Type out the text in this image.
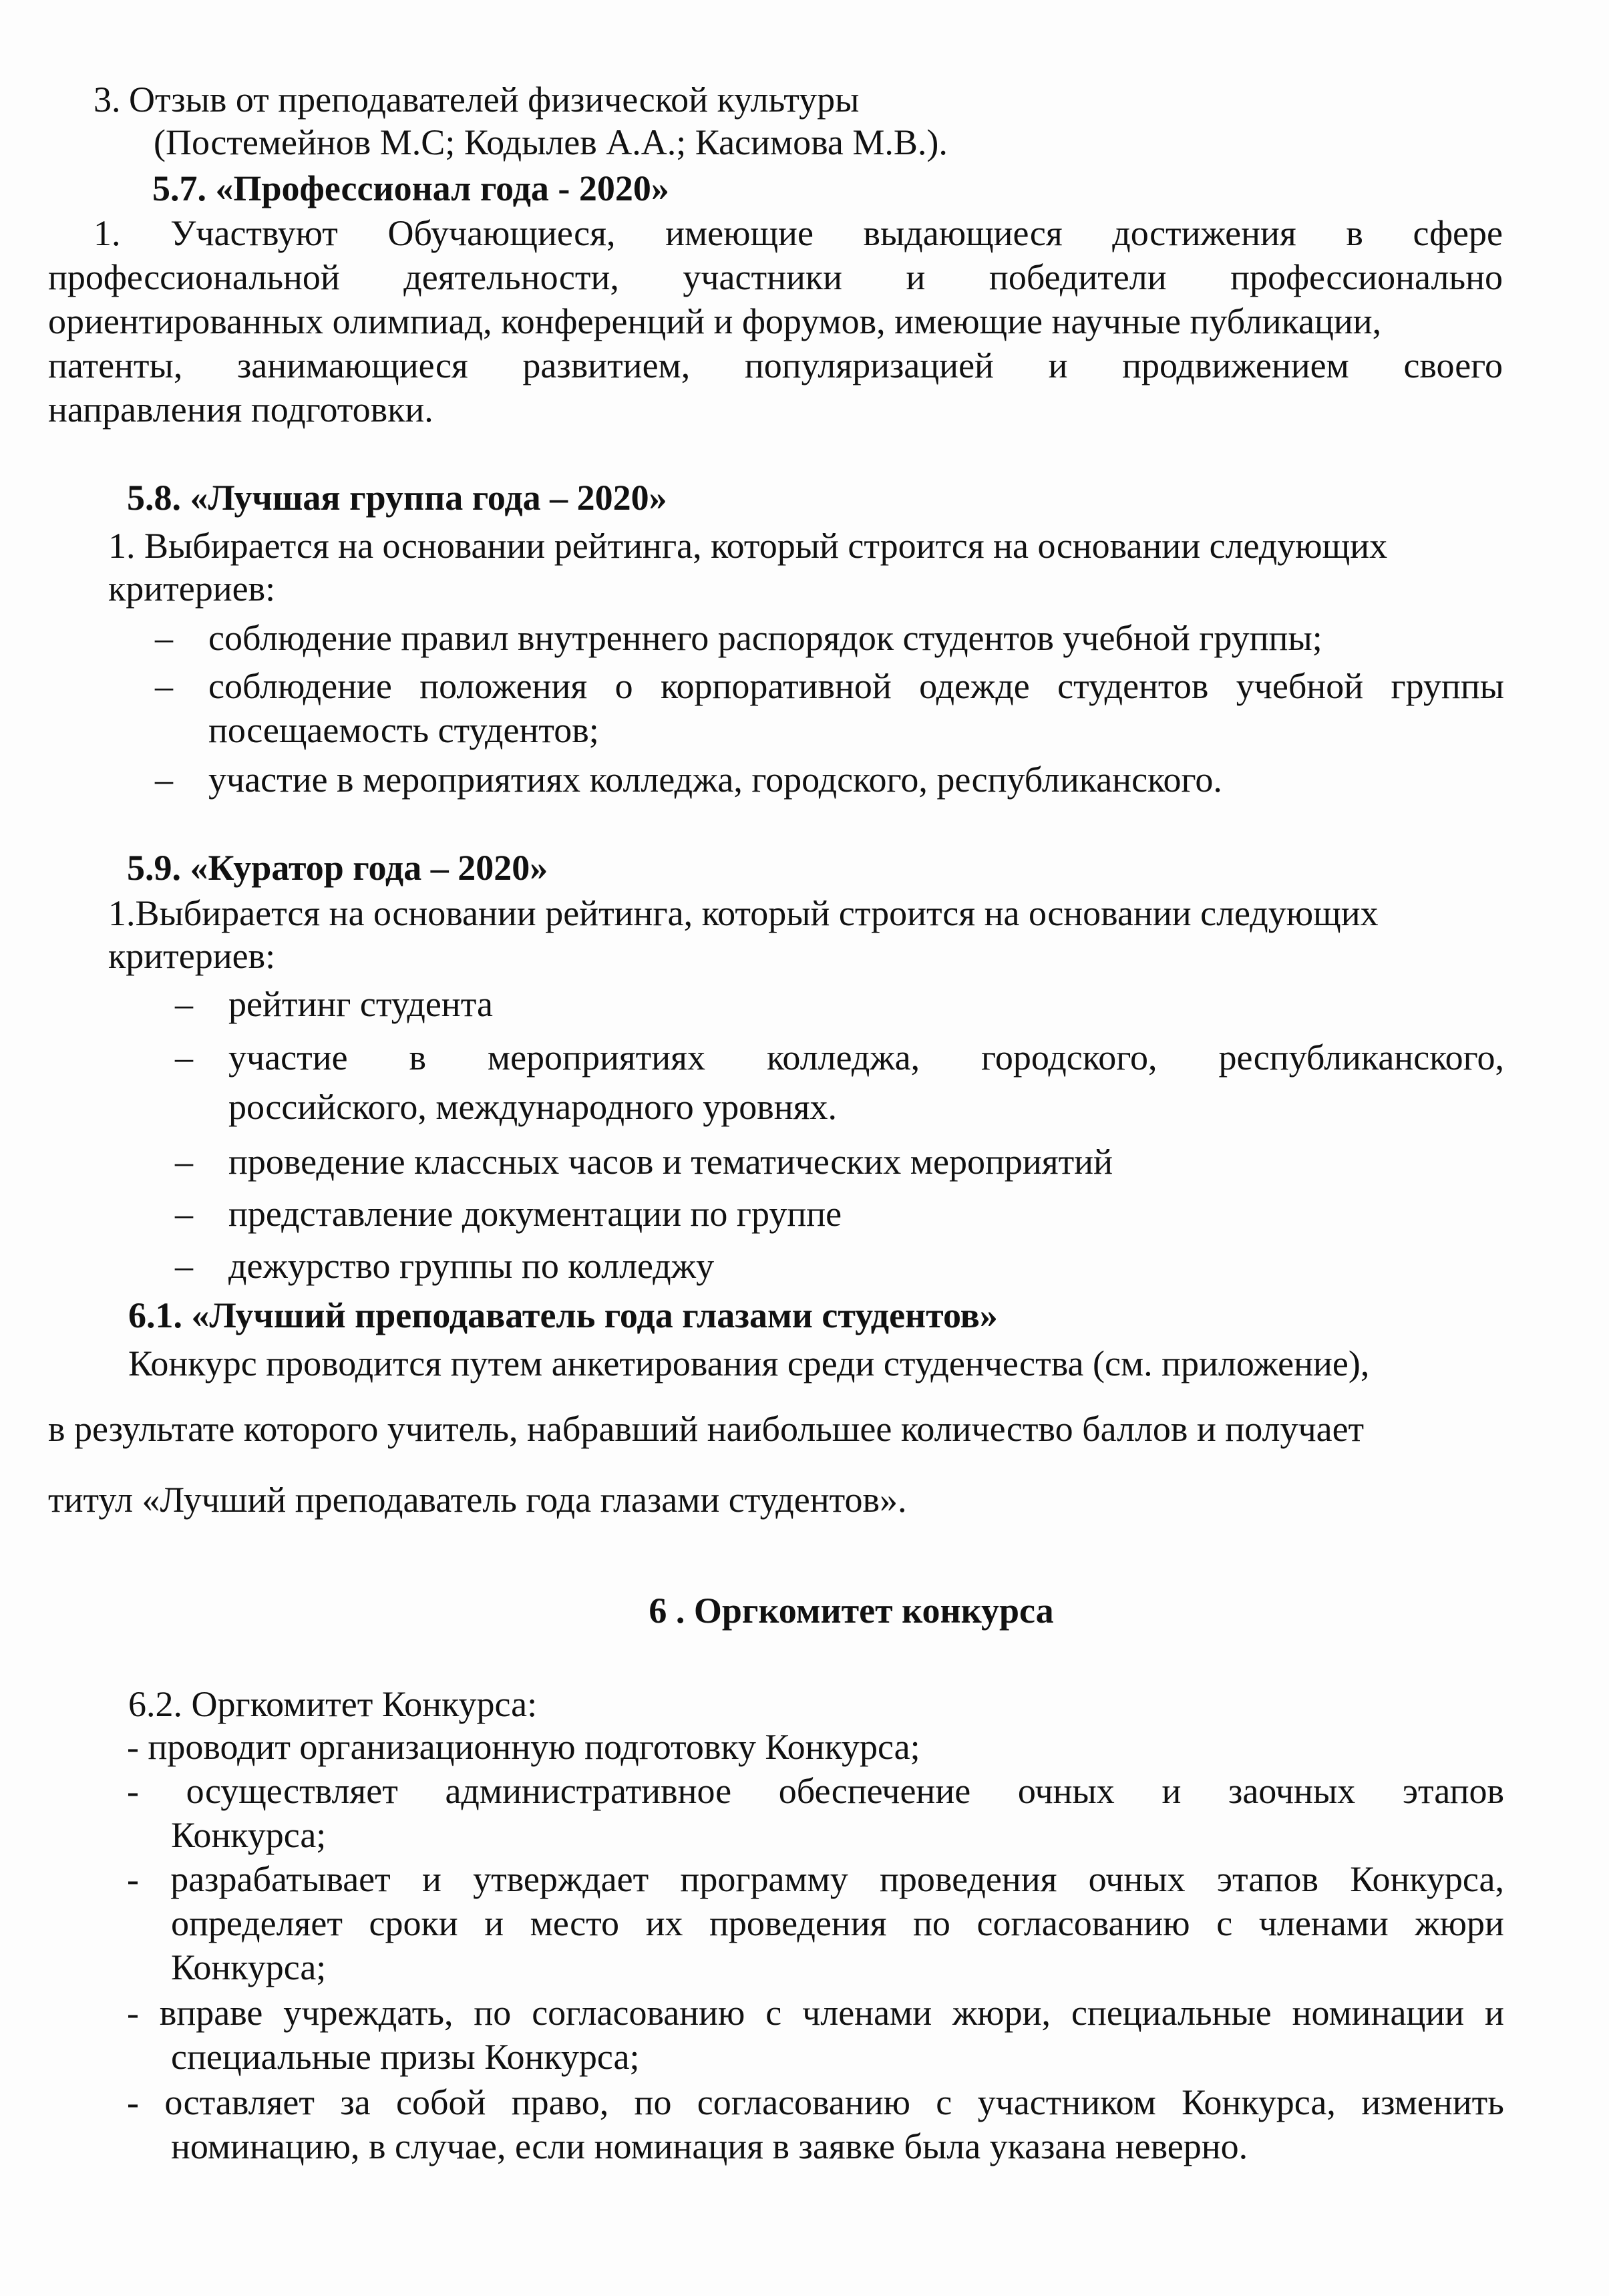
3. Отзыв от преподавателей физической культуры
(Постемейнов М.С; Кодылев А.А.; Касимова М.В.).
5.7. «Профессионал года - 2020»
1. Участвуют Обучающиеся, имеющие выдающиеся достижения в сфере
профессиональной деятельности, участники и победители профессионально
ориентированных олимпиад, конференций и форумов, имеющие научные публикации,
патенты, занимающиеся развитием, популяризацией и продвижением своего
направления подготовки.
5.8. «Лучшая группа года – 2020»
1. Выбирается на основании рейтинга, который строится на основании следующих
критериев:
– соблюдение правил внутреннего распорядок студентов учебной группы;
– соблюдение положения о корпоративной одежде студентов учебной группы
посещаемость студентов;
– участие в мероприятиях колледжа, городского, республиканского.
5.9. «Куратор года – 2020»
1.Выбирается на основании рейтинга, который строится на основании следующих
критериев:
– рейтинг студента
– участие в мероприятиях колледжа, городского, республиканского,
российского, международного уровнях.
– проведение классных часов и тематических мероприятий
– представление документации по группе
– дежурство группы по колледжу
6.1. «Лучший преподаватель года глазами студентов»
Конкурс проводится путем анкетирования среди студенчества (см. приложение),
в результате которого учитель, набравший наибольшее количество баллов и получает
титул «Лучший преподаватель года глазами студентов».
6 . Оргкомитет конкурса
6.2. Оргкомитет Конкурса:
- проводит организационную подготовку Конкурса;
- осуществляет административное обеспечение очных и заочных этапов
Конкурса;
- разрабатывает и утверждает программу проведения очных этапов Конкурса,
определяет сроки и место их проведения по согласованию с членами жюри
Конкурса;
- вправе учреждать, по согласованию с членами жюри, специальные номинации и
специальные призы Конкурса;
- оставляет за собой право, по согласованию с участником Конкурса, изменить
номинацию, в случае, если номинация в заявке была указана неверно.
